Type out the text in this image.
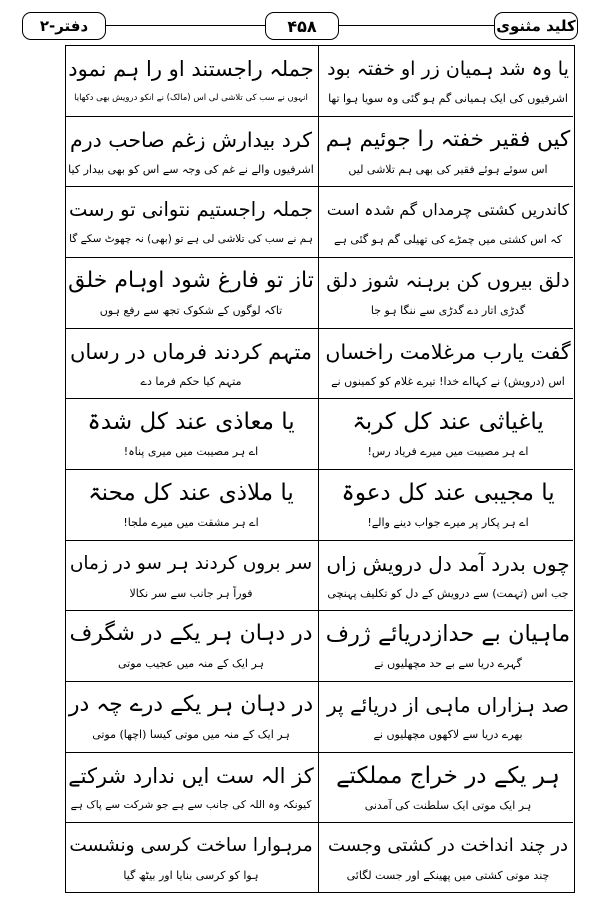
کلید مثنوی
۴۵۸
دفتر-۲
یا وہ شد ہمیان زر او خفتہ بود
اشرفیوں کی ایک ہمیانی گم ہو گئی وہ سویا ہوا تھا
جملہ راجستند او را ہم نمود
انہوں نے سب کی تلاشی لی اس (مالک) نے انکو درویش بھی دکھایا
کیں فقیر خفتہ را جوئیم ہم
اس سوئے ہوئے فقیر کی بھی ہم تلاشی لیں
کرد بیدارش زغم صاحب درم
اشرفیوں والے نے غم کی وجہ سے اس کو بھی بیدار کیا
کاندریں کشتی چرمداں گم شدہ است
کہ اس کشتی میں چمڑے کی تھیلی گم ہو گئی ہے
جملہ راجستیم نتوانی تو رست
ہم نے سب کی تلاشی لی ہے تو (بھی) نہ چھوٹ سکے گا
دلق بیروں کن برہنہ شوز دلق
گدڑی اتار دے گدڑی سے ننگا ہو جا
تاز تو فارغ شود اوہام خلق
تاکہ لوگوں کے شکوک تجھ سے رفع ہوں
گفت یارب مرغلامت راخساں
اس (درویش) نے کہااے خدا! تیرے غلام کو کمینوں نے
متہم کردند فرماں در رساں
متہم کیا حکم فرما دے
یاغیاثی عند کل کربۃ
اے ہر مصیبت میں میرے فریاد رس!
یا معاذی عند کل شدۃ
اے ہر مصیبت میں میری پناہ!
یا مجیبی عند کل دعوۃ
اے ہر پکار پر میرے جواب دینے والے!
یا ملاذی عند کل محنۃ
اے ہر مشقت میں میرے ملجا!
چوں بدرد آمد دل درویش زاں
جب اس (تہمت) سے درویش کے دل کو تکلیف پہنچی
سر بروں کردند ہر سو در زماں
فوراً ہر جانب سے سر نکالا
ماہیان بے حدازدریائے ژرف
گہرے دریا سے بے حد مچھلیوں نے
در دہان ہر یکے در شگرف
ہر ایک کے منہ میں عجیب موتی
صد ہزاراں ماہی از دریائے پر
بھرے دریا سے لاکھوں مچھلیوں نے
در دہان ہر یکے درے چہ در
ہر ایک کے منہ میں موتی کیسا (اچھا) موتی
ہر یکے در خراج مملکتے
ہر ایک موتی ایک سلطنت کی آمدنی
کز الہ ست ایں ندارد شرکتے
کیونکہ وہ اللہ کی جانب سے ہے جو شرکت سے پاک ہے
در چند انداخت در کشتی وجست
چند موتی کشتی میں پھینکے اور جست لگائی
مرہوارا ساخت کرسی ونشست
ہوا کو کرسی بنایا اور بیٹھ گیا
